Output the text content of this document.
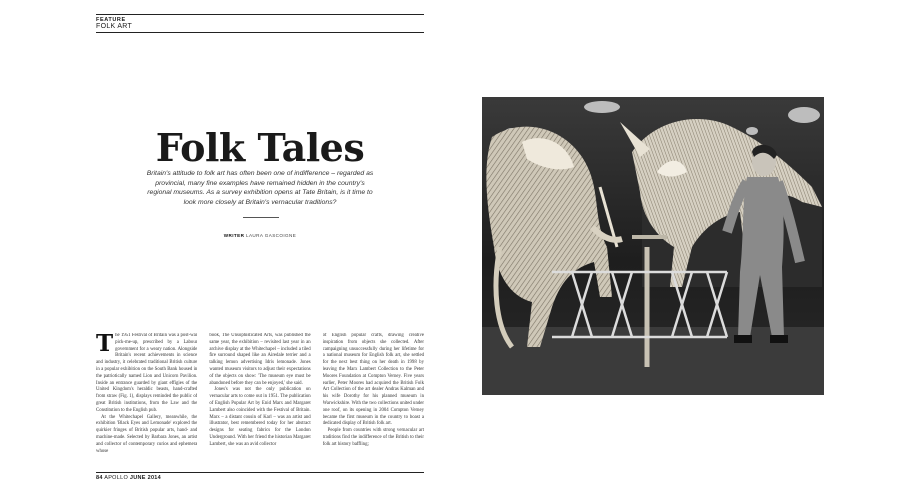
FEATURE
FOLK ART
Folk Tales
Britain's attitude to folk art has often been one of indifference – regarded as provincial, many fine examples have remained hidden in the country's regional museums. As a survey exhibition opens at Tate Britain, is it time to look more closely at Britain's vernacular traditions?
WRITER LAURA GASCOIGNE

The 1951 Festival of Britain was a post-war pick-me-up, prescribed by a Labour government for a weary nation. Alongside Britain's recent achievements in science and industry, it celebrated traditional British culture in a popular exhibition on the South Bank housed in the patriotically named Lion and Unicorn Pavilion. Inside an entrance guarded by giant effigies of the United Kingdom's heraldic beasts, hand-crafted from straw (Fig. 1), displays reminded the public of great British institutions, from the Law and the Constitution to the English pub.

At the Whitechapel Gallery, meanwhile, the exhibition 'Black Eyes and Lemonade' explored the quirkier fringes of British popular arts, hand- and machine-made. Selected by Barbara Jones, an artist and collector of contemporary curios and ephemera whose

book, The Unsophisticated Arts, was published the same year, the exhibition – revisited last year in an archive display at the Whitechapel – included a tiled fire surround shaped like an Airedale terrier and a talking lemon advertising Idris lemonade. Jones wanted museum visitors to adjust their expectations of the objects on show: 'The museum eye must be abandoned before they can be enjoyed,' she said.

Jones's was not the only publication on vernacular arts to come out in 1951. The publication of English Popular Art by Enid Marx and Margaret Lambert also coincided with the Festival of Britain. Marx – a distant cousin of Karl – was an artist and illustrator, best remembered today for her abstract designs for seating fabrics for the London Underground. With her friend the historian Margaret Lambert, she was an avid collector

of English popular crafts, drawing creative inspiration from objects she collected. After campaigning unsuccessfully during her lifetime for a national museum for English folk art, she settled for the next best thing on her death in 1998 by leaving the Marx Lambert Collection to the Peter Moores Foundation at Compton Verney. Five years earlier, Peter Moores had acquired the British Folk Art Collection of the art dealer Andras Kalman and his wife Dorothy for his planned museum in Warwickshire. With the two collections united under one roof, on its opening in 2004 Compton Verney became the first museum in the country to boast a dedicated display of British folk art.

People from countries with strong vernacular art traditions find the indifference of the British to their folk art history baffling;

84 APOLLO JUNE 2014
